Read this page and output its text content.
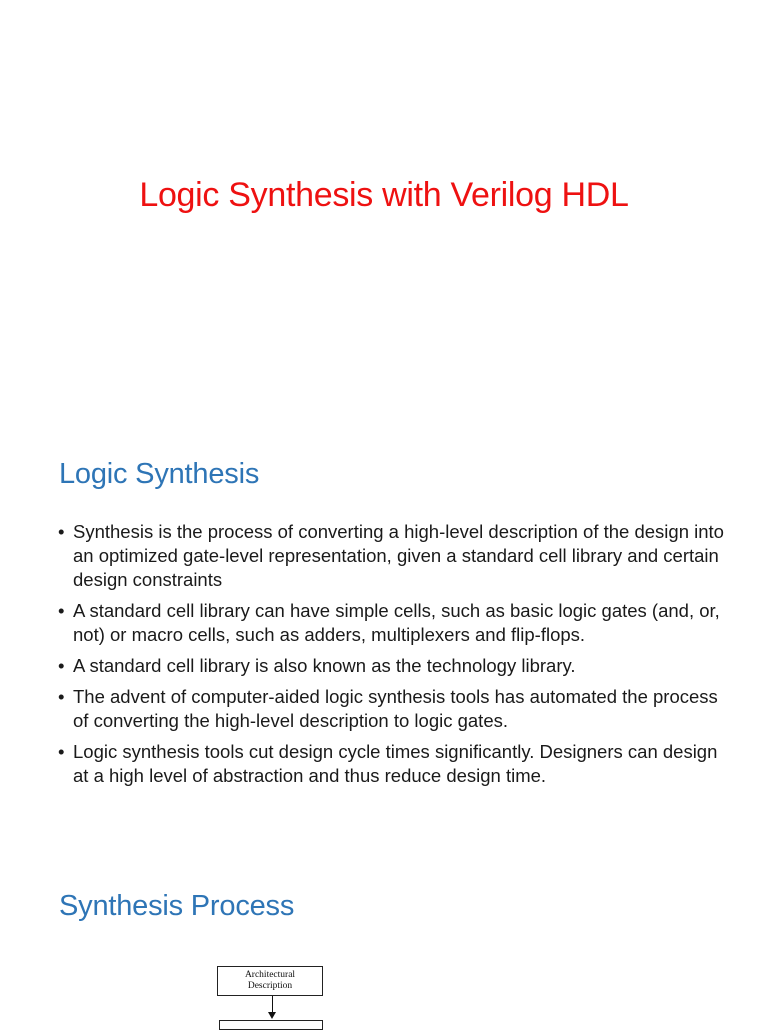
Logic Synthesis with Verilog HDL
Logic Synthesis
• Synthesis is the process of converting a high-level description of the design into an optimized gate-level representation, given a standard cell library and certain design constraints
• A standard cell library can have simple cells, such as basic logic gates (and, or, not) or macro cells, such as adders, multiplexers and flip-flops.
• A standard cell library is also known as the technology library.
• The advent of computer-aided logic synthesis tools has automated the process of converting the high-level description to logic gates.
• Logic synthesis tools cut design cycle times significantly. Designers can design at a high level of abstraction and thus reduce design time.
Synthesis Process
Architectural
Description
